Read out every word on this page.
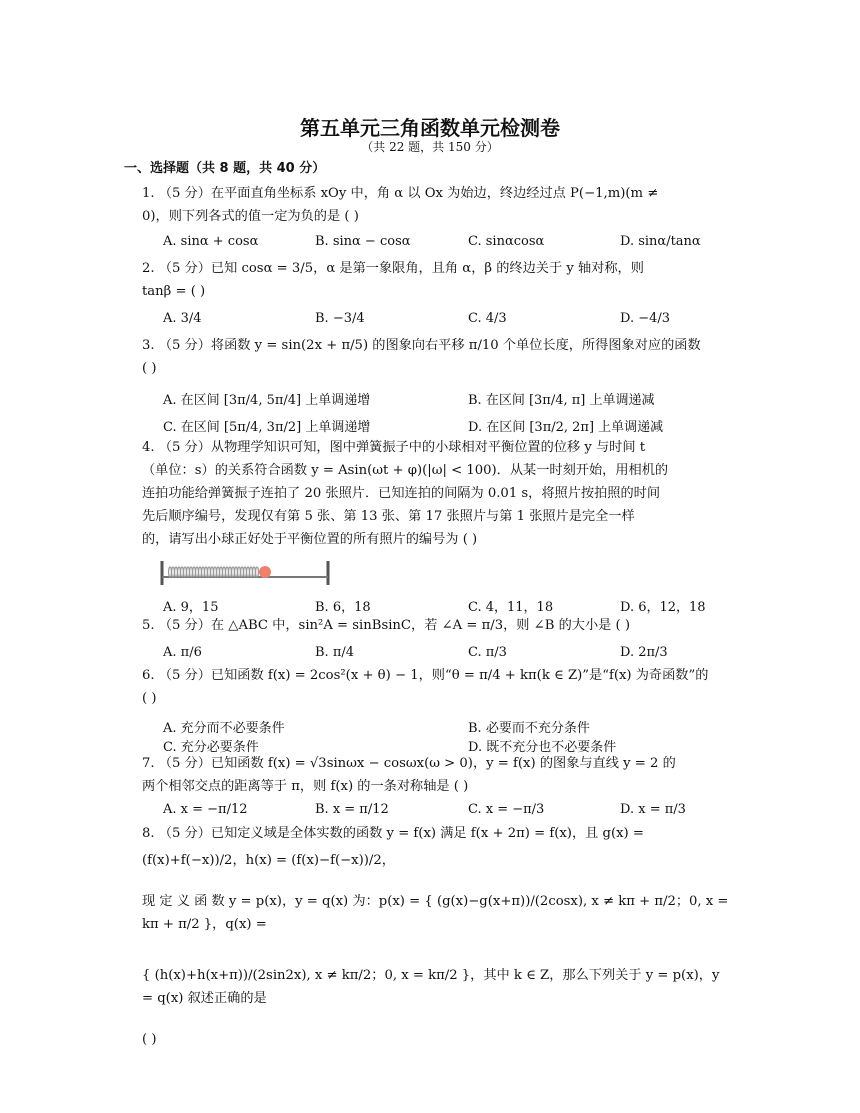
第五单元三角函数单元检测卷
（共 22 题，共 150 分）
一、选择题（共 8 题，共 40 分）
1. （5 分）在平面直角坐标系 xOy 中，角 α 以 Ox 为始边，终边经过点 P(−1,m)(m ≠
0)，则下列各式的值一定为负的是 ( )
A. sinα + cosα	B. sinα − cosα	C. sinαcosα	D. sinα/tanα
2. （5 分）已知 cosα = 3/5，α 是第一象限角，且角 α，β 的终边关于 y 轴对称，则
tanβ = ( )
A. 3/4	B. −3/4	C. 4/3	D. −4/3
3. （5 分）将函数 y = sin(2x + π/5) 的图象向右平移 π/10 个单位长度，所得图象对应的函数
( )
A. 在区间 [3π/4, 5π/4] 上单调递增	B. 在区间 [3π/4, π] 上单调递减
C. 在区间 [5π/4, 3π/2] 上单调递增	D. 在区间 [3π/2, 2π] 上单调递减
4. （5 分）从物理学知识可知，图中弹簧振子中的小球相对平衡位置的位移 y 与时间 t
（单位：s）的关系符合函数 y = Asin(ωt + φ)(|ω| < 100)．从某一时刻开始，用相机的
连拍功能给弹簧振子连拍了 20 张照片．已知连拍的间隔为 0.01 s，将照片按拍照的时间
先后顺序编号，发现仅有第 5 张、第 13 张、第 17 张照片与第 1 张照片是完全一样
的，请写出小球正好处于平衡位置的所有照片的编号为 ( )
A. 9，15	B. 6，18	C. 4，11，18	D. 6，12，18
5. （5 分）在 △ABC 中，sin²A = sinBsinC，若 ∠A = π/3，则 ∠B 的大小是 ( )
A. π/6	B. π/4	C. π/3	D. 2π/3
6. （5 分）已知函数 f(x) = 2cos²(x + θ) − 1，则“θ = π/4 + kπ(k ∈ Z)”是“f(x) 为奇函数”的
( )
A. 充分而不必要条件	B. 必要而不充分条件
C. 充分必要条件	D. 既不充分也不必要条件
7. （5 分）已知函数 f(x) = √3sinωx − cosωx(ω > 0)，y = f(x) 的图象与直线 y = 2 的
两个相邻交点的距离等于 π，则 f(x) 的一条对称轴是 ( )
A. x = −π/12	B. x = π/12	C. x = −π/3	D. x = π/3
8. （5 分）已知定义域是全体实数的函数 y = f(x) 满足 f(x + 2π) = f(x)，且 g(x) =
(f(x)+f(−x))/2，h(x) = (f(x)−f(−x))/2，
现 定 义 函 数 y = p(x)，y = q(x) 为：p(x) = { (g(x)−g(x+π))/(2cosx), x ≠ kπ + π/2；0, x = kπ + π/2 }，q(x) =
{ (h(x)+h(x+π))/(2sin2x), x ≠ kπ/2；0, x = kπ/2 }，其中 k ∈ Z，那么下列关于 y = p(x)，y = q(x) 叙述正确的是
( )
